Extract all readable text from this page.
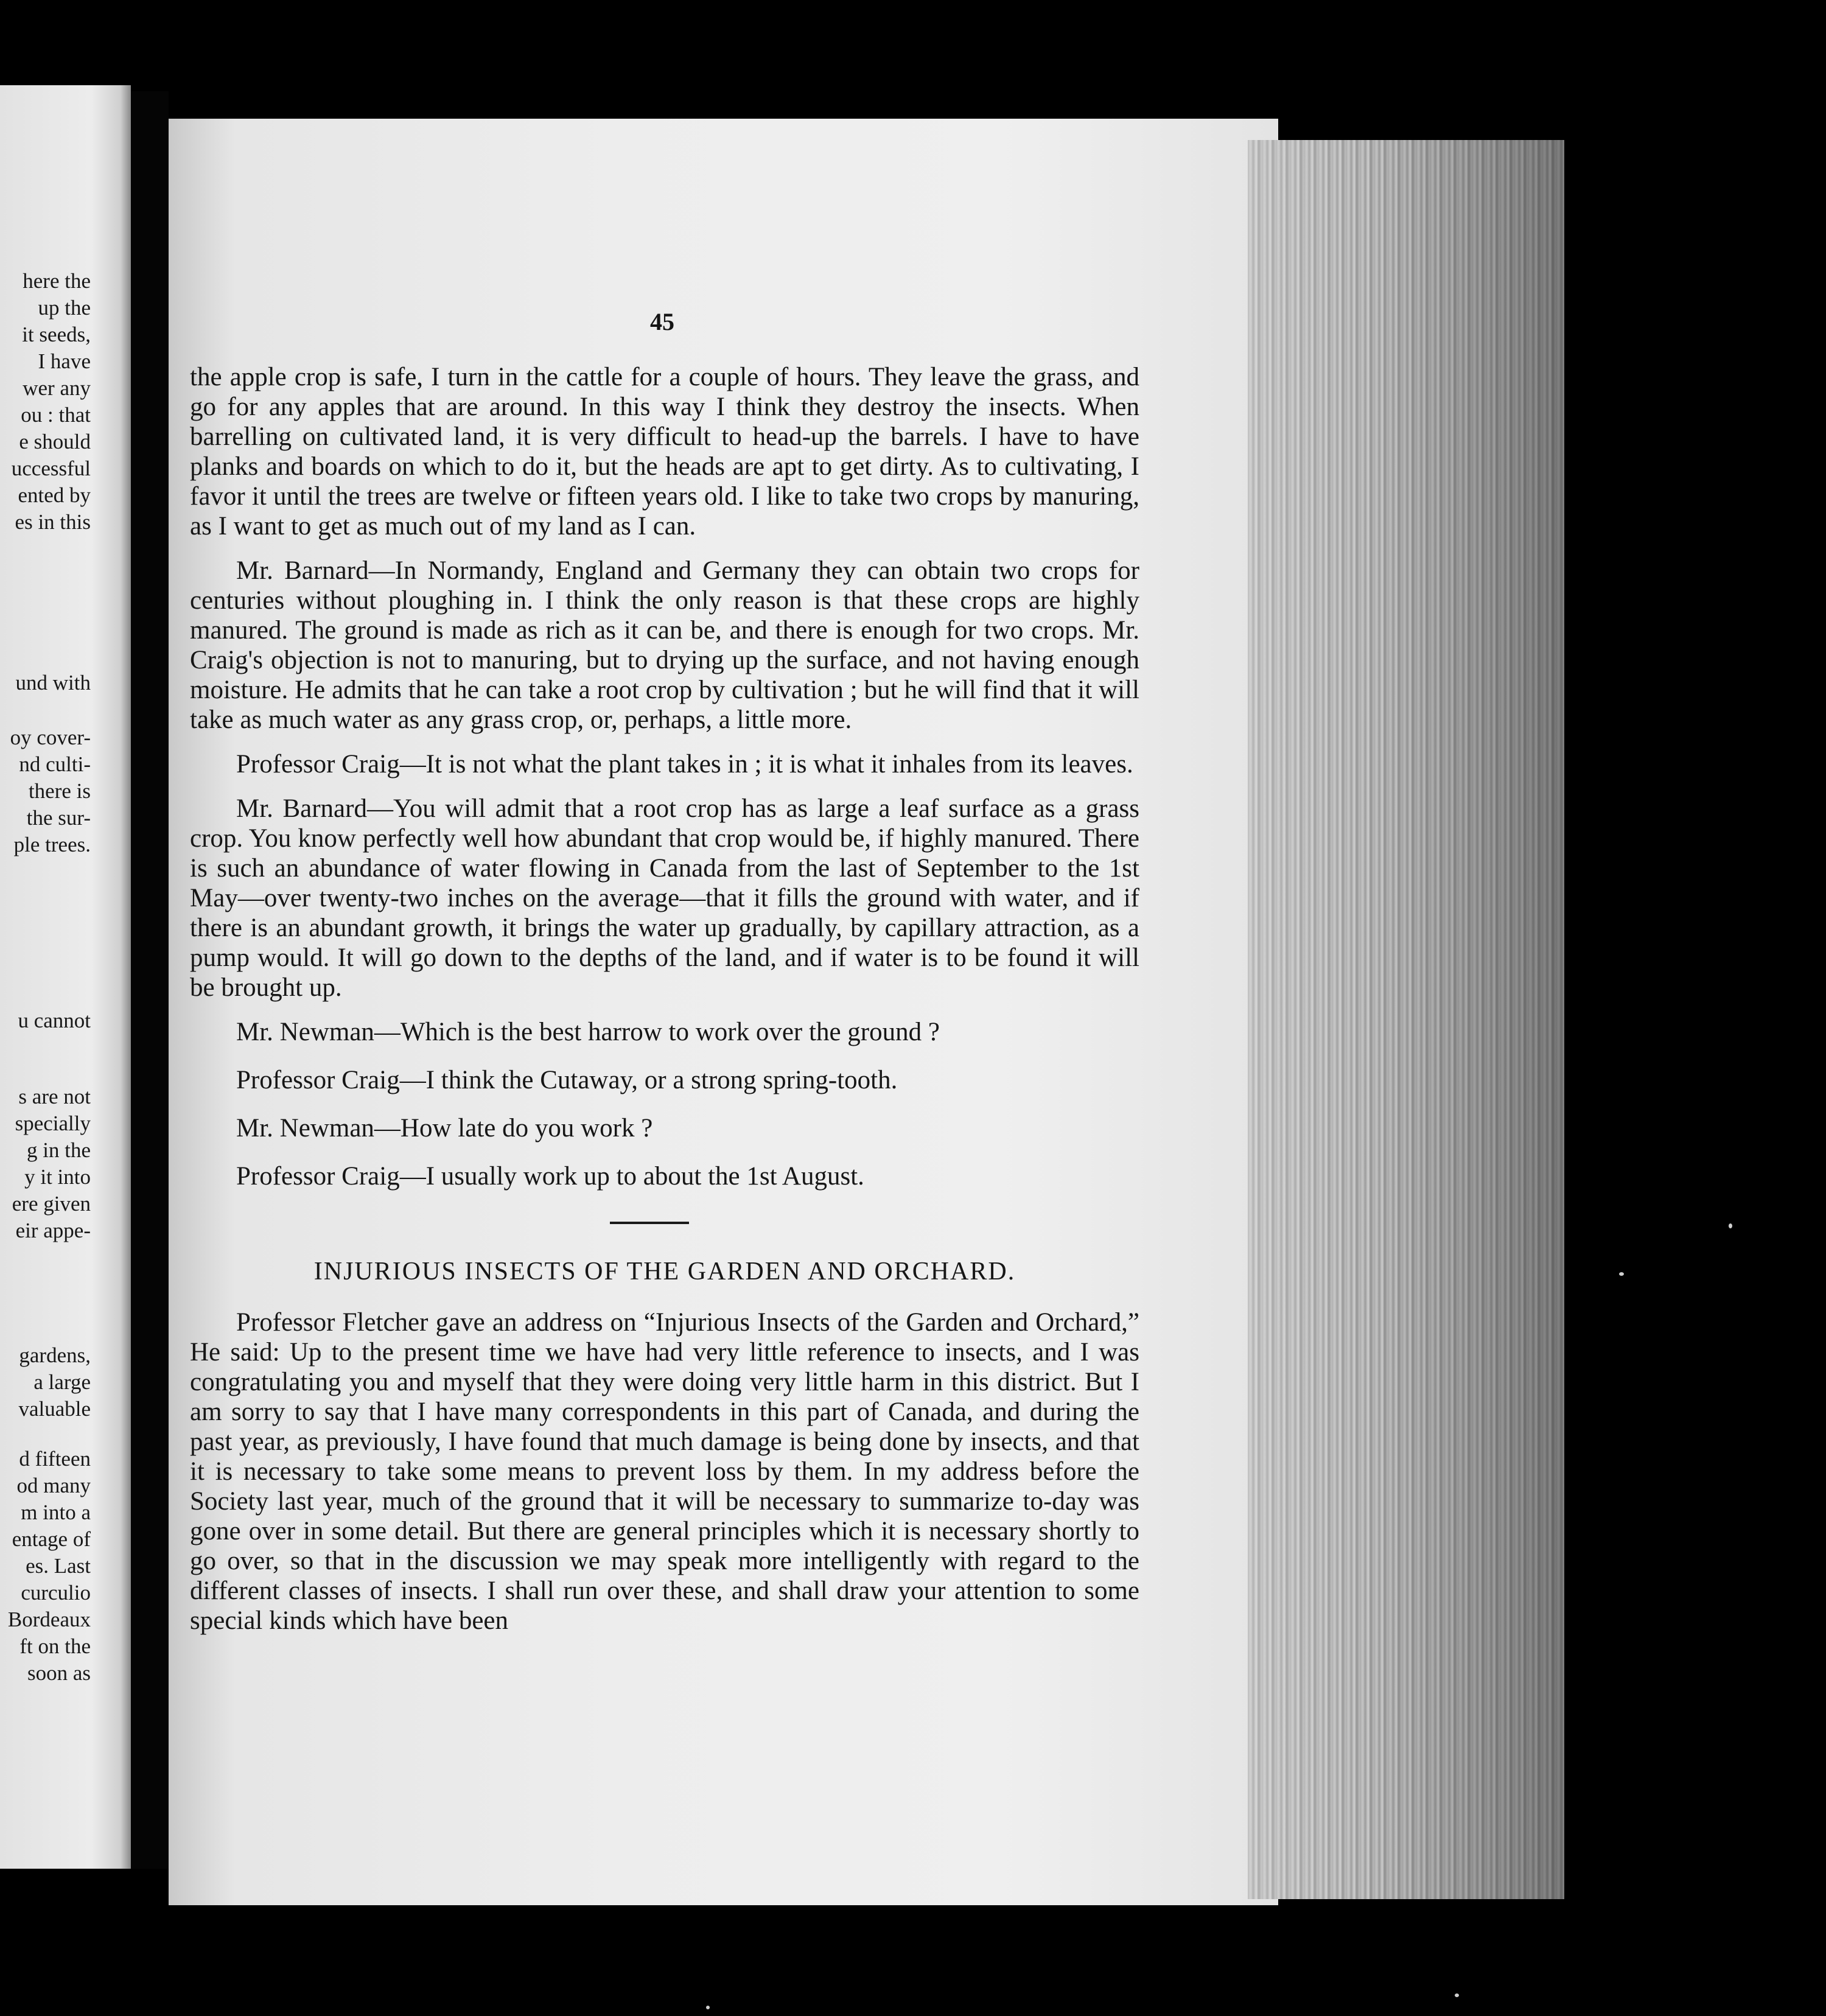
here the

up the

it seeds,

I have

wer any

ou : that

e should

uccessful

ented by

es in this

und with

oy cover-

nd culti-

there is

the sur-

ple trees.

u cannot

s are not

specially

g in the

y it into

ere given

eir appe-

gardens,

a large

valuable

d fifteen

od many

m into a

entage of

es. Last

curculio

Bordeaux

ft on the

soon as

45

the apple crop is safe, I turn in the cattle for a couple of hours. They leave the grass, and go for any apples that are around. In this way I think they destroy the insects. When barrelling on cultivated land, it is very difficult to head-up the barrels. I have to have planks and boards on which to do it, but the heads are apt to get dirty. As to cultivating, I favor it until the trees are twelve or fifteen years old. I like to take two crops by manuring, as I want to get as much out of my land as I can.

Mr. Barnard—In Normandy, England and Germany they can obtain two crops for centuries without ploughing in. I think the only reason is that these crops are highly manured. The ground is made as rich as it can be, and there is enough for two crops. Mr. Craig's objection is not to manuring, but to drying up the surface, and not having enough moisture. He admits that he can take a root crop by cultivation ; but he will find that it will take as much water as any grass crop, or, perhaps, a little more.

Professor Craig—It is not what the plant takes in ; it is what it inhales from its leaves.

Mr. Barnard—You will admit that a root crop has as large a leaf surface as a grass crop. You know perfectly well how abundant that crop would be, if highly manured. There is such an abundance of water flowing in Canada from the last of September to the 1st May—over twenty-two inches on the average—that it fills the ground with water, and if there is an abundant growth, it brings the water up gradually, by capillary attraction, as a pump would. It will go down to the depths of the land, and if water is to be found it will be brought up.

Mr. Newman—Which is the best harrow to work over the ground ?

Professor Craig—I think the Cutaway, or a strong spring-tooth.

Mr. Newman—How late do you work ?

Professor Craig—I usually work up to about the 1st August.

INJURIOUS INSECTS OF THE GARDEN AND ORCHARD.

Professor Fletcher gave an address on “Injurious Insects of the Garden and Orchard,” He said: Up to the present time we have had very little reference to insects, and I was congratulating you and myself that they were doing very little harm in this district. But I am sorry to say that I have many correspondents in this part of Canada, and during the past year, as previously, I have found that much damage is being done by insects, and that it is necessary to take some means to prevent loss by them. In my address before the Society last year, much of the ground that it will be necessary to summarize to-day was gone over in some detail. But there are general principles which it is necessary shortly to go over, so that in the discussion we may speak more intelligently with regard to the different classes of insects. I shall run over these, and shall draw your attention to some special kinds which have been
